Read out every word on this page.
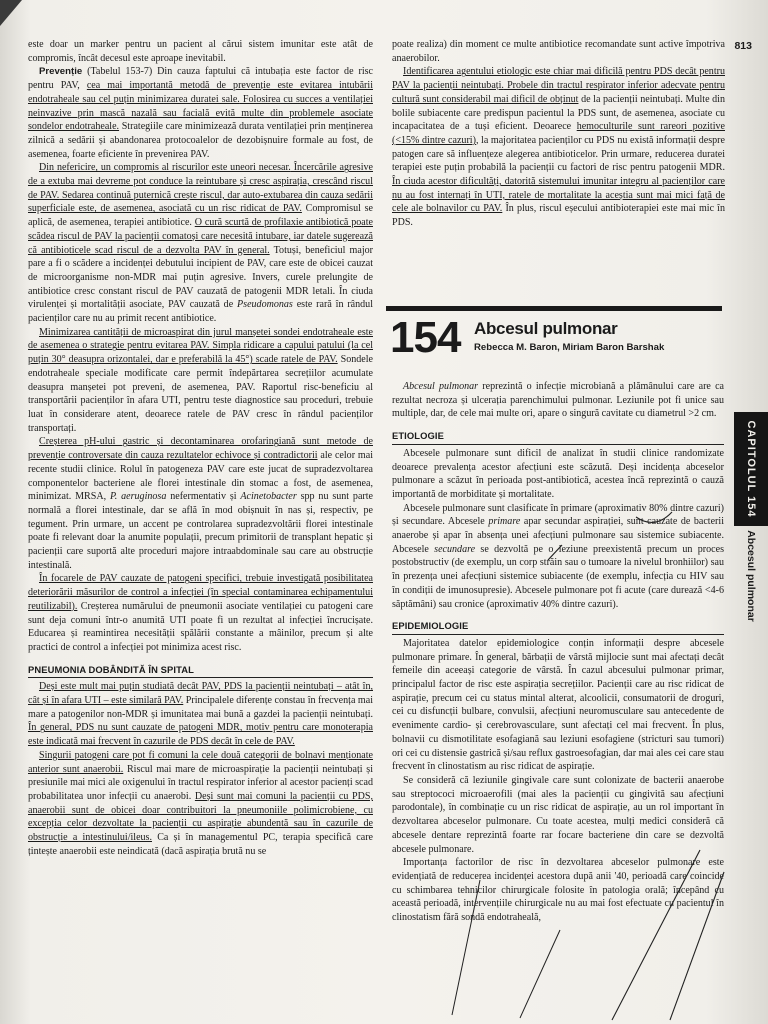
813

este doar un marker pentru un pacient al cărui sistem imunitar este atât de compromis, încât decesul este aproape inevitabil.

Prevenție (Tabelul 153-7) Din cauza faptului că intubația este factor de risc pentru PAV, cea mai importantă metodă de prevenție este evitarea intubării endotraheale sau cel puțin minimizarea duratei sale. Folosirea cu succes a ventilației neinvazive prin mască nazală sau facială evită multe din problemele asociate sondelor endotraheale. Strategiile care minimizează durata ventilației prin menținerea zilnică a sedării și abandonarea protocoalelor de dezobișnuire formale au fost, de asemenea, foarte eficiente în prevenirea PAV.

Din nefericire, un compromis al riscurilor este uneori necesar. Încercările agresive de a extuba mai devreme pot conduce la reintubare și cresc aspirația, crescând riscul de PAV. Sedarea continuă puternică crește riscul, dar auto-extubarea din cauza sedării superficiale este, de asemenea, asociată cu un risc ridicat de PAV. Compromisul se aplică, de asemenea, terapiei antibiotice. O cură scurtă de profilaxie antibiotică poate scădea riscul de PAV la pacienții comatoși care necesită intubare, iar datele sugerează că antibioticele scad riscul de a dezvolta PAV în general. Totuși, beneficiul major pare a fi o scădere a incidenței debutului incipient de PAV, care este de obicei cauzat de microorganisme non-MDR mai puțin agresive. Invers, curele prelungite de antibiotice cresc constant riscul de PAV cauzată de patogenii MDR letali. În ciuda virulenței și mortalității asociate, PAV cauzată de Pseudomonas este rară în rândul pacienților care nu au primit recent antibiotice.

Minimizarea cantității de microaspirat din jurul manșetei sondei endotraheale este de asemenea o strategie pentru evitarea PAV. Simpla ridicare a capului patului (la cel puțin 30° deasupra orizontalei, dar e preferabilă la 45°) scade ratele de PAV. Sondele endotraheale speciale modificate care permit îndepărtarea secrețiilor acumulate deasupra manșetei pot preveni, de asemenea, PAV. Raportul risc-beneficiu al transportării pacienților în afara UTI, pentru teste diagnostice sau proceduri, trebuie luat în considerare atent, deoarece ratele de PAV cresc în rândul pacienților transportați.

Creșterea pH-ului gastric și decontaminarea orofaringiană sunt metode de prevenție controversate din cauza rezultatelor echivoce și contradictorii ale celor mai recente studii clinice. Rolul în patogeneza PAV care este jucat de supradezvoltarea componentelor bacteriene ale florei intestinale din stomac a fost, de asemenea, minimizat. MRSA, P. aeruginosa nefermentativ și Acinetobacter spp nu sunt parte normală a florei intestinale, dar se află în mod obișnuit în nas și, respectiv, pe tegument. Prin urmare, un accent pe controlarea supradezvoltării florei intestinale poate fi relevant doar la anumite populații, precum primitorii de transplant hepatic și pacienții care suportă alte proceduri majore intraabdominale sau care au obstrucție intestinală.

În focarele de PAV cauzate de patogeni specifici, trebuie investigată posibilitatea deteriorării măsurilor de control a infecției (în special contaminarea echipamentului reutilizabil). Creșterea numărului de pneumonii asociate ventilației cu patogeni care sunt deja comuni într-o anumită UTI poate fi un rezultat al infecției încrucișate. Educarea și reamintirea necesității spălării constante a mâinilor, precum și alte practici de control a infecției pot minimiza acest risc.

PNEUMONIA DOBÂNDITĂ ÎN SPITAL

Deși este mult mai puțin studiată decât PAV, PDS la pacienții neintubați – atât în, cât și în afara UTI – este similară PAV. Principalele diferențe constau în frecvența mai mare a patogenilor non-MDR și imunitatea mai bună a gazdei la pacienții neintubați. În general, PDS nu sunt cauzate de patogeni MDR, motiv pentru care monoterapia este indicată mai frecvent în cazurile de PDS decât în cele de PAV.

Singurii patogeni care pot fi comuni la cele două categorii de bolnavi menționate anterior sunt anaerobii. Riscul mai mare de microaspirație la pacienții neintubați și presiunile mai mici ale oxigenului în tractul respirator inferior al acestor pacienți scad probabilitatea unor infecții cu anaerobi. Deși sunt mai comuni la pacienții cu PDS, anaerobii sunt de obicei doar contribuitori la pneumoniile polimicrobiene, cu excepția celor dezvoltate la pacienții cu aspirație abundentă sau în cazurile de obstrucție a intestinului/ileus. Ca și în managementul PC, terapia specifică care țintește anaerobii este neindicată (dacă aspirația brută nu se

poate realiza) din moment ce multe antibiotice recomandate sunt active împotriva anaerobilor.

Identificarea agentului etiologic este chiar mai dificilă pentru PDS decât pentru PAV la pacienții neintubați. Probele din tractul respirator inferior adecvate pentru cultură sunt considerabil mai dificil de obținut de la pacienții neintubați. Multe din bolile subiacente care predispun pacientul la PDS sunt, de asemenea, asociate cu incapacitatea de a tuși eficient. Deoarece hemoculturile sunt rareori pozitive (<15% dintre cazuri), la majoritatea pacienților cu PDS nu există informații despre patogen care să influențeze alegerea antibioticelor. Prin urmare, reducerea duratei terapiei este puțin probabilă la pacienții cu factori de risc pentru patogenii MDR. În ciuda acestor dificultăți, datorită sistemului imunitar integru al pacienților care nu au fost internați în UTI, ratele de mortalitate la aceștia sunt mai mici față de cele ale bolnavilor cu PAV. În plus, riscul eșecului antibioterapiei este mai mic în PDS.

154 Abcesul pulmonar
Rebecca M. Baron, Miriam Baron Barshak

Abcesul pulmonar reprezintă o infecție microbiană a plămânului care are ca rezultat necroza și ulcerația parenchimului pulmonar. Leziunile pot fi unice sau multiple, dar, de cele mai multe ori, apare o singură cavitate cu diametrul >2 cm.

ETIOLOGIE

Abcesele pulmonare sunt dificil de analizat în studii clinice randomizate deoarece prevalența acestor afecțiuni este scăzută. Deși incidența abceselor pulmonare a scăzut în perioada post-antibiotică, acestea încă reprezintă o cauză importantă de morbiditate și mortalitate.

Abcesele pulmonare sunt clasificate în primare (aproximativ 80% dintre cazuri) și secundare. Abcesele primare apar secundar aspirației, sunt cauzate de bacterii anaerobe și apar în absența unei afecțiuni pulmonare sau sistemice subiacente. Abcesele secundare se dezvoltă pe o leziune preexistentă precum un proces postobstructiv (de exemplu, un corp străin sau o tumoare la nivelul bronhiilor) sau în prezența unei afecțiuni sistemice subiacente (de exemplu, infecția cu HIV sau în condiții de imunosupresie). Abcesele pulmonare pot fi acute (care durează <4-6 săptămâni) sau cronice (aproximativ 40% dintre cazuri).

EPIDEMIOLOGIE

Majoritatea datelor epidemiologice conțin informații despre abcesele pulmonare primare. În general, bărbații de vârstă mijlocie sunt mai afectați decât femeile din aceeași categorie de vârstă. În cazul abcesului pulmonar primar, principalul factor de risc este aspirația secrețiilor. Pacienții care au risc ridicat de aspirație, precum cei cu status mintal alterat, alcoolicii, consumatorii de droguri, cei cu disfuncții bulbare, convulsii, afecțiuni neuromusculare sau antecedente de evenimente cardio- și cerebrovasculare, sunt afectați cel mai frecvent. În plus, bolnavii cu dismotilitate esofagiană sau leziuni esofagiene (stricturi sau tumori) ori cei cu distensie gastrică și/sau reflux gastroesofagian, dar mai ales cei care stau frecvent în clinostatism au risc ridicat de aspirație.

Se consideră că leziunile gingivale care sunt colonizate de bacterii anaerobe sau streptococi microaerofili (mai ales la pacienții cu gingivită sau afecțiuni parodontale), în combinație cu un risc ridicat de aspirație, au un rol important în dezvoltarea abceselor pulmonare. Cu toate acestea, mulți medici consideră că abcesele dentare reprezintă foarte rar focare bacteriene din care se dezvoltă abcesele pulmonare.

Importanța factorilor de risc în dezvoltarea abceselor pulmonare este evidențiată de reducerea incidenței acestora după anii '40, perioadă care coincide cu schimbarea tehnicilor chirurgicale folosite în patologia orală; începând cu această perioadă, intervențiile chirurgicale nu au mai fost efectuate cu pacientul în clinostatism fără sondă endotraheală,

CAPITOLUL 154
Abcesul pulmonar
